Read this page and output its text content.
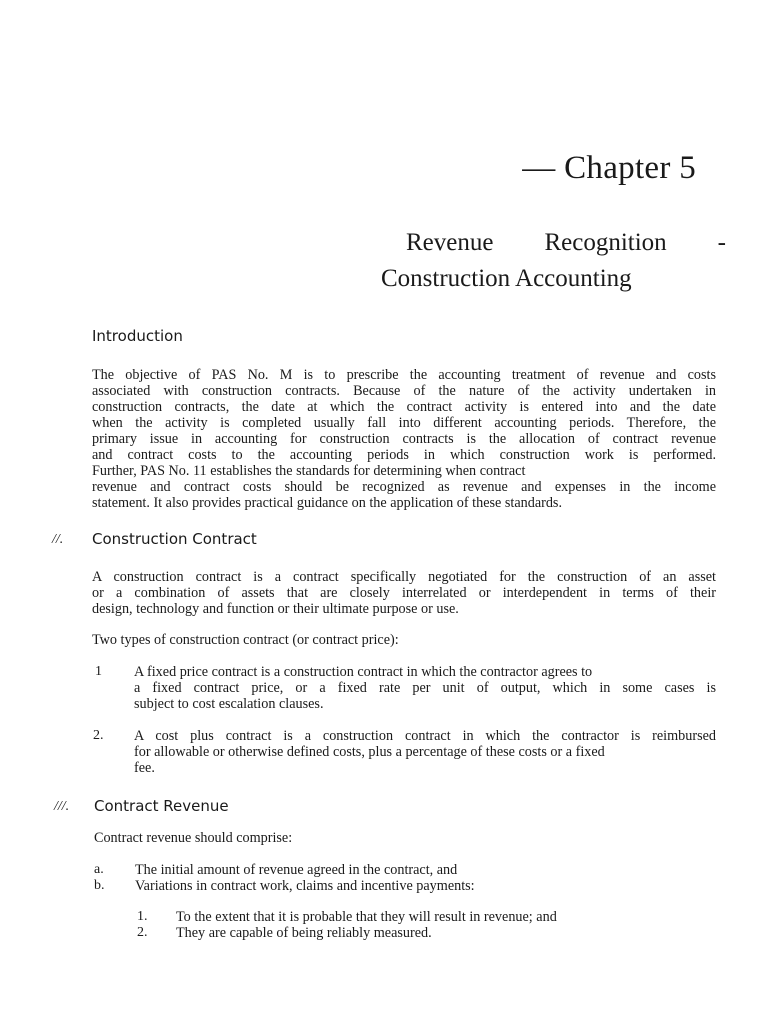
— Chapter 5
Revenue Recognition -
Construction Accounting
Introduction
The objective of PAS No. M is to prescribe the accounting treatment of revenue and costs
associated with construction contracts. Because of the nature of the activity undertaken in
construction contracts, the date at which the contract activity is entered into and the date
when the activity is completed usually fall into different accounting periods. Therefore, the
primary issue in accounting for construction contracts is the allocation of contract revenue
and contract costs to the accounting periods in which construction work is performed.
Further, PAS No. 11 establishes the standards for determining when contract
revenue and contract costs should be recognized as revenue and expenses in the income
statement. It also provides practical guidance on the application of these standards.
//. Construction Contract
A construction contract is a contract specifically negotiated for the construction of an asset
or a combination of assets that are closely interrelated or interdependent in terms of their
design, technology and function or their ultimate purpose or use.
Two types of construction contract (or contract price):
1 A fixed price contract is a construction contract in which the contractor agrees to
a fixed contract price, or a fixed rate per unit of output, which in some cases is
subject to cost escalation clauses.
2. A cost plus contract is a construction contract in which the contractor is reimbursed
for allowable or otherwise defined costs, plus a percentage of these costs or a fixed
fee.
///. Contract Revenue
Contract revenue should comprise:
a. The initial amount of revenue agreed in the contract, and
b. Variations in contract work, claims and incentive payments:
1. To the extent that it is probable that they will result in revenue; and
2. They are capable of being reliably measured.
